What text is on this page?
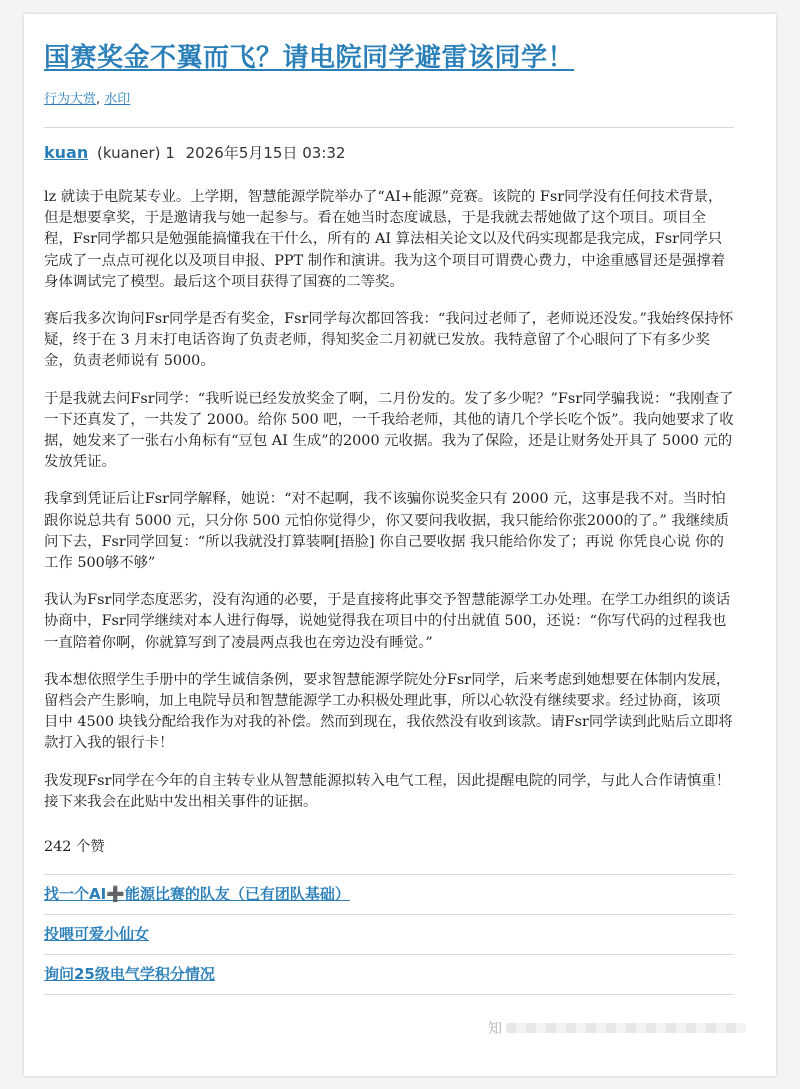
国赛奖金不翼而飞？请电院同学避雷该同学！
行为大赏, 水印
kuan (kuaner) 1 2026年5月15日 03:32

lz 就读于电院某专业。上学期，智慧能源学院举办了“AI+能源”竞赛。该院的 Fsr同学没有任何技术背景，但是想要拿奖，于是邀请我与她一起参与。看在她当时态度诚恳，于是我就去帮她做了这个项目。项目全程，Fsr同学都只是勉强能搞懂我在干什么，所有的 AI 算法相关论文以及代码实现都是我完成，Fsr同学只完成了一点点可视化以及项目申报、PPT 制作和演讲。我为这个项目可谓费心费力，中途重感冒还是强撑着身体调试完了模型。最后这个项目获得了国赛的二等奖。

赛后我多次询问Fsr同学是否有奖金，Fsr同学每次都回答我：“我问过老师了，老师说还没发。”我始终保持怀疑，终于在 3 月末打电话咨询了负责老师，得知奖金二月初就已发放。我特意留了个心眼问了下有多少奖金，负责老师说有 5000。

于是我就去问Fsr同学：“我听说已经发放奖金了啊，二月份发的。发了多少呢？”Fsr同学骗我说：“我刚查了一下还真发了，一共发了 2000。给你 500 吧，一千我给老师，其他的请几个学长吃个饭”。我向她要求了收据，她发来了一张右小角标有“豆包 AI 生成”的2000 元收据。我为了保险，还是让财务处开具了 5000 元的发放凭证。

我拿到凭证后让Fsr同学解释，她说：“对不起啊，我不该骗你说奖金只有 2000 元，这事是我不对。当时怕跟你说总共有 5000 元，只分你 500 元怕你觉得少，你又要问我收据，我只能给你张2000的了。” 我继续质问下去，Fsr同学回复：“所以我就没打算装啊[捂脸] 你自己要收据 我只能给你发了；再说 你凭良心说 你的工作 500够不够”

我认为Fsr同学态度恶劣，没有沟通的必要，于是直接将此事交予智慧能源学工办处理。在学工办组织的谈话协商中，Fsr同学继续对本人进行侮辱，说她觉得我在项目中的付出就值 500，还说：“你写代码的过程我也一直陪着你啊，你就算写到了凌晨两点我也在旁边没有睡觉。”

我本想依照学生手册中的学生诚信条例，要求智慧能源学院处分Fsr同学，后来考虑到她想要在体制内发展，留档会产生影响，加上电院导员和智慧能源学工办积极处理此事，所以心软没有继续要求。经过协商，该项目中 4500 块钱分配给我作为对我的补偿。然而到现在，我依然没有收到该款。请Fsr同学读到此贴后立即将款打入我的银行卡！

我发现Fsr同学在今年的自主转专业从智慧能源拟转入电气工程，因此提醒电院的同学，与此人合作请慎重！接下来我会在此贴中发出相关事件的证据。

242 个赞
找一个AI➕能源比赛的队友（已有团队基础）
投喂可爱小仙女
询问25级电气学积分情况
知
